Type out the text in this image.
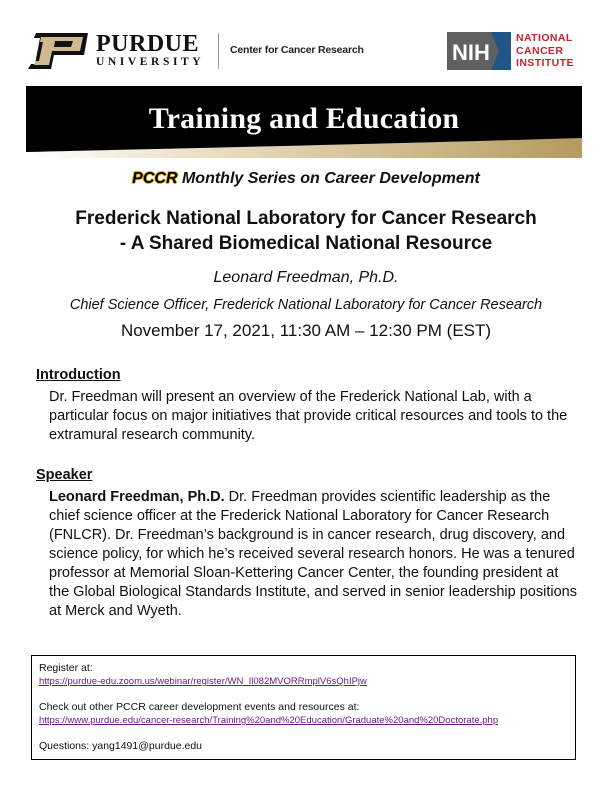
PURDUE
UNIVERSITY
Center for Cancer Research	NIH
NATIONAL
CANCER
INSTITUTE
Training and Education
PCCR Monthly Series on Career Development
Frederick National Laboratory for Cancer Research
- A Shared Biomedical National Resource
Leonard Freedman, Ph.D.
Chief Science Officer, Frederick National Laboratory for Cancer Research
November 17, 2021, 11:30 AM – 12:30 PM (EST)
Introduction
Dr. Freedman will present an overview of the Frederick National Lab, with a particular focus on major initiatives that provide critical resources and tools to the extramural research community.
Speaker
Leonard Freedman, Ph.D. Dr. Freedman provides scientific leadership as the chief science officer at the Frederick National Laboratory for Cancer Research (FNLCR). Dr. Freedman’s background is in cancer research, drug discovery, and science policy, for which he’s received several research honors. He was a tenured professor at Memorial Sloan-Kettering Cancer Center, the founding president at the Global Biological Standards Institute, and served in senior leadership positions at Merck and Wyeth.
Register at:
https://purdue-edu.zoom.us/webinar/register/WN_Il082MVORRmplV6sQhIPjw
Check out other PCCR career development events and resources at:
https://www.purdue.edu/cancer-research/Training%20and%20Education/Graduate%20and%20Doctorate.php
Questions: yang1491@purdue.edu
